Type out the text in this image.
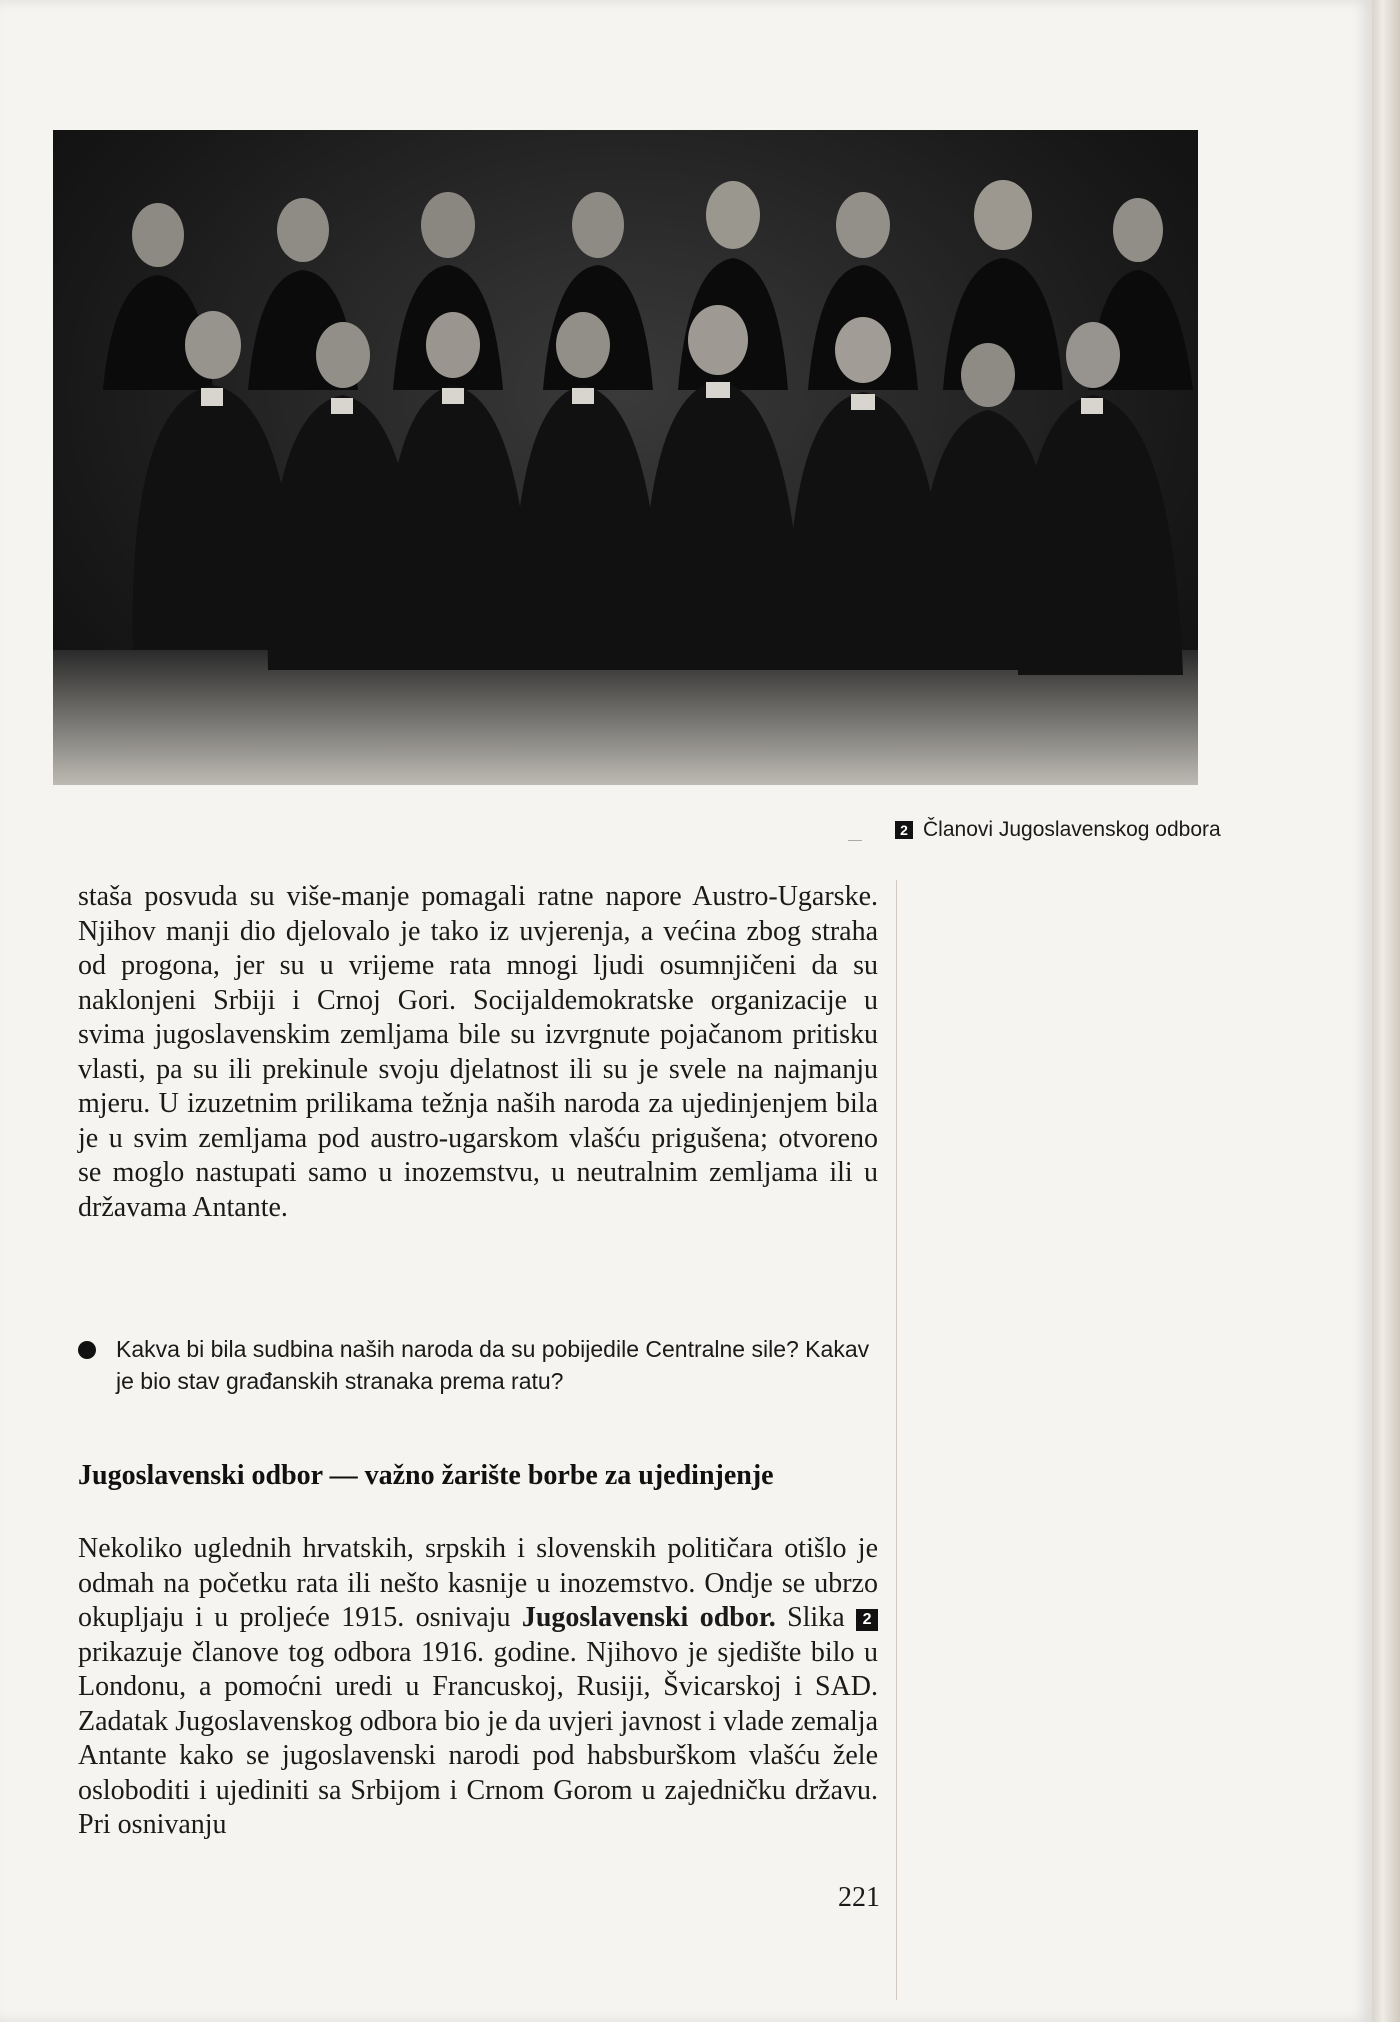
2 Članovi Jugoslavenskog odbora

staša posvuda su više-manje pomagali ratne napore Austro-Ugarske. Njihov manji dio djelovalo je tako iz uvjerenja, a većina zbog straha od progona, jer su u vrijeme rata mnogi ljudi osumnjičeni da su naklonjeni Srbiji i Crnoj Gori. Socijaldemokratske organizacije u svima jugoslavenskim zemljama bile su izvrgnute pojačanom pritisku vlasti, pa su ili prekinule svoju djelatnost ili su je svele na najmanju mjeru. U izuzetnim prilikama težnja naših naroda za ujedinjenjem bila je u svim zemljama pod austro-ugarskom vlašću prigušena; otvoreno se moglo nastupati samo u inozemstvu, u neutralnim zemljama ili u državama Antante.

Kakva bi bila sudbina naših naroda da su pobijedile Centralne sile? Kakav je bio stav građanskih stranaka prema ratu?
Jugoslavenski odbor — važno žarište borbe za ujedinjenje

Nekoliko uglednih hrvatskih, srpskih i slovenskih političara otišlo je odmah na početku rata ili nešto kasnije u inozemstvo. Ondje se ubrzo okupljaju i u proljeće 1915. osnivaju Jugoslavenski odbor. Slika 2 prikazuje članove tog odbora 1916. godine. Njihovo je sjedište bilo u Londonu, a pomoćni uredi u Francuskoj, Rusiji, Švicarskoj i SAD. Zadatak Jugoslavenskog odbora bio je da uvjeri javnost i vlade zemalja Antante kako se jugoslavenski narodi pod habsburškom vlašću žele osloboditi i ujediniti sa Srbijom i Crnom Gorom u zajedničku državu. Pri osnivanju

221
